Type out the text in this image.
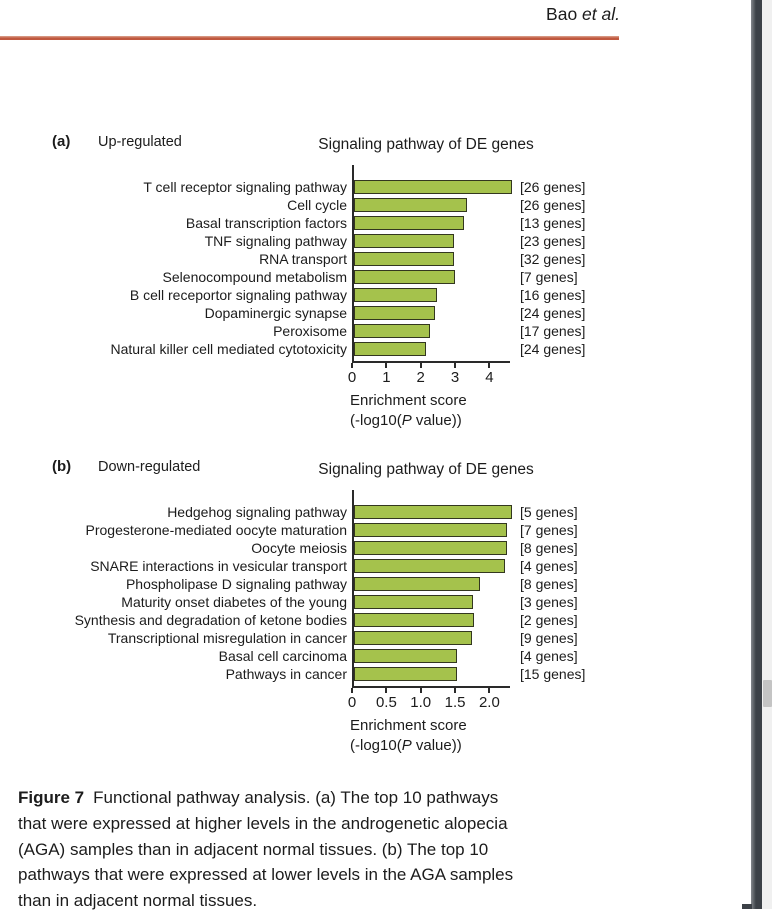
Bao et al.
(a) Up-regulated	Signaling pathway of DE genes
T cell receptor signaling pathway	[26 genes]
Cell cycle	[26 genes]
Basal transcription factors	[13 genes]
TNF signaling pathway	[23 genes]
RNA transport	[32 genes]
Selenocompound metabolism	[7 genes]
B cell receportor signaling pathway	[16 genes]
Dopaminergic synapse	[24 genes]
Peroxisome	[17 genes]
Natural killer cell mediated cytotoxicity	[24 genes]
0	1	2	3	4
Enrichment score
(-log10(P value))
(b) Down-regulated	Signaling pathway of DE genes
Hedgehog signaling pathway	[5 genes]
Progesterone-mediated oocyte maturation	[7 genes]
Oocyte meiosis	[8 genes]
SNARE interactions in vesicular transport	[4 genes]
Phospholipase D signaling pathway	[8 genes]
Maturity onset diabetes of the young	[3 genes]
Synthesis and degradation of ketone bodies	[2 genes]
Transcriptional misregulation in cancer	[9 genes]
Basal cell carcinoma	[4 genes]
Pathways in cancer	[15 genes]
0	0.5 1.0 1.5 2.0
Enrichment score
(-log10(P value))
Figure 7 Functional pathway analysis. (a) The top 10 pathways
that were expressed at higher levels in the androgenetic alopecia
(AGA) samples than in adjacent normal tissues. (b) The top 10
pathways that were expressed at lower levels in the AGA samples
than in adjacent normal tissues.
